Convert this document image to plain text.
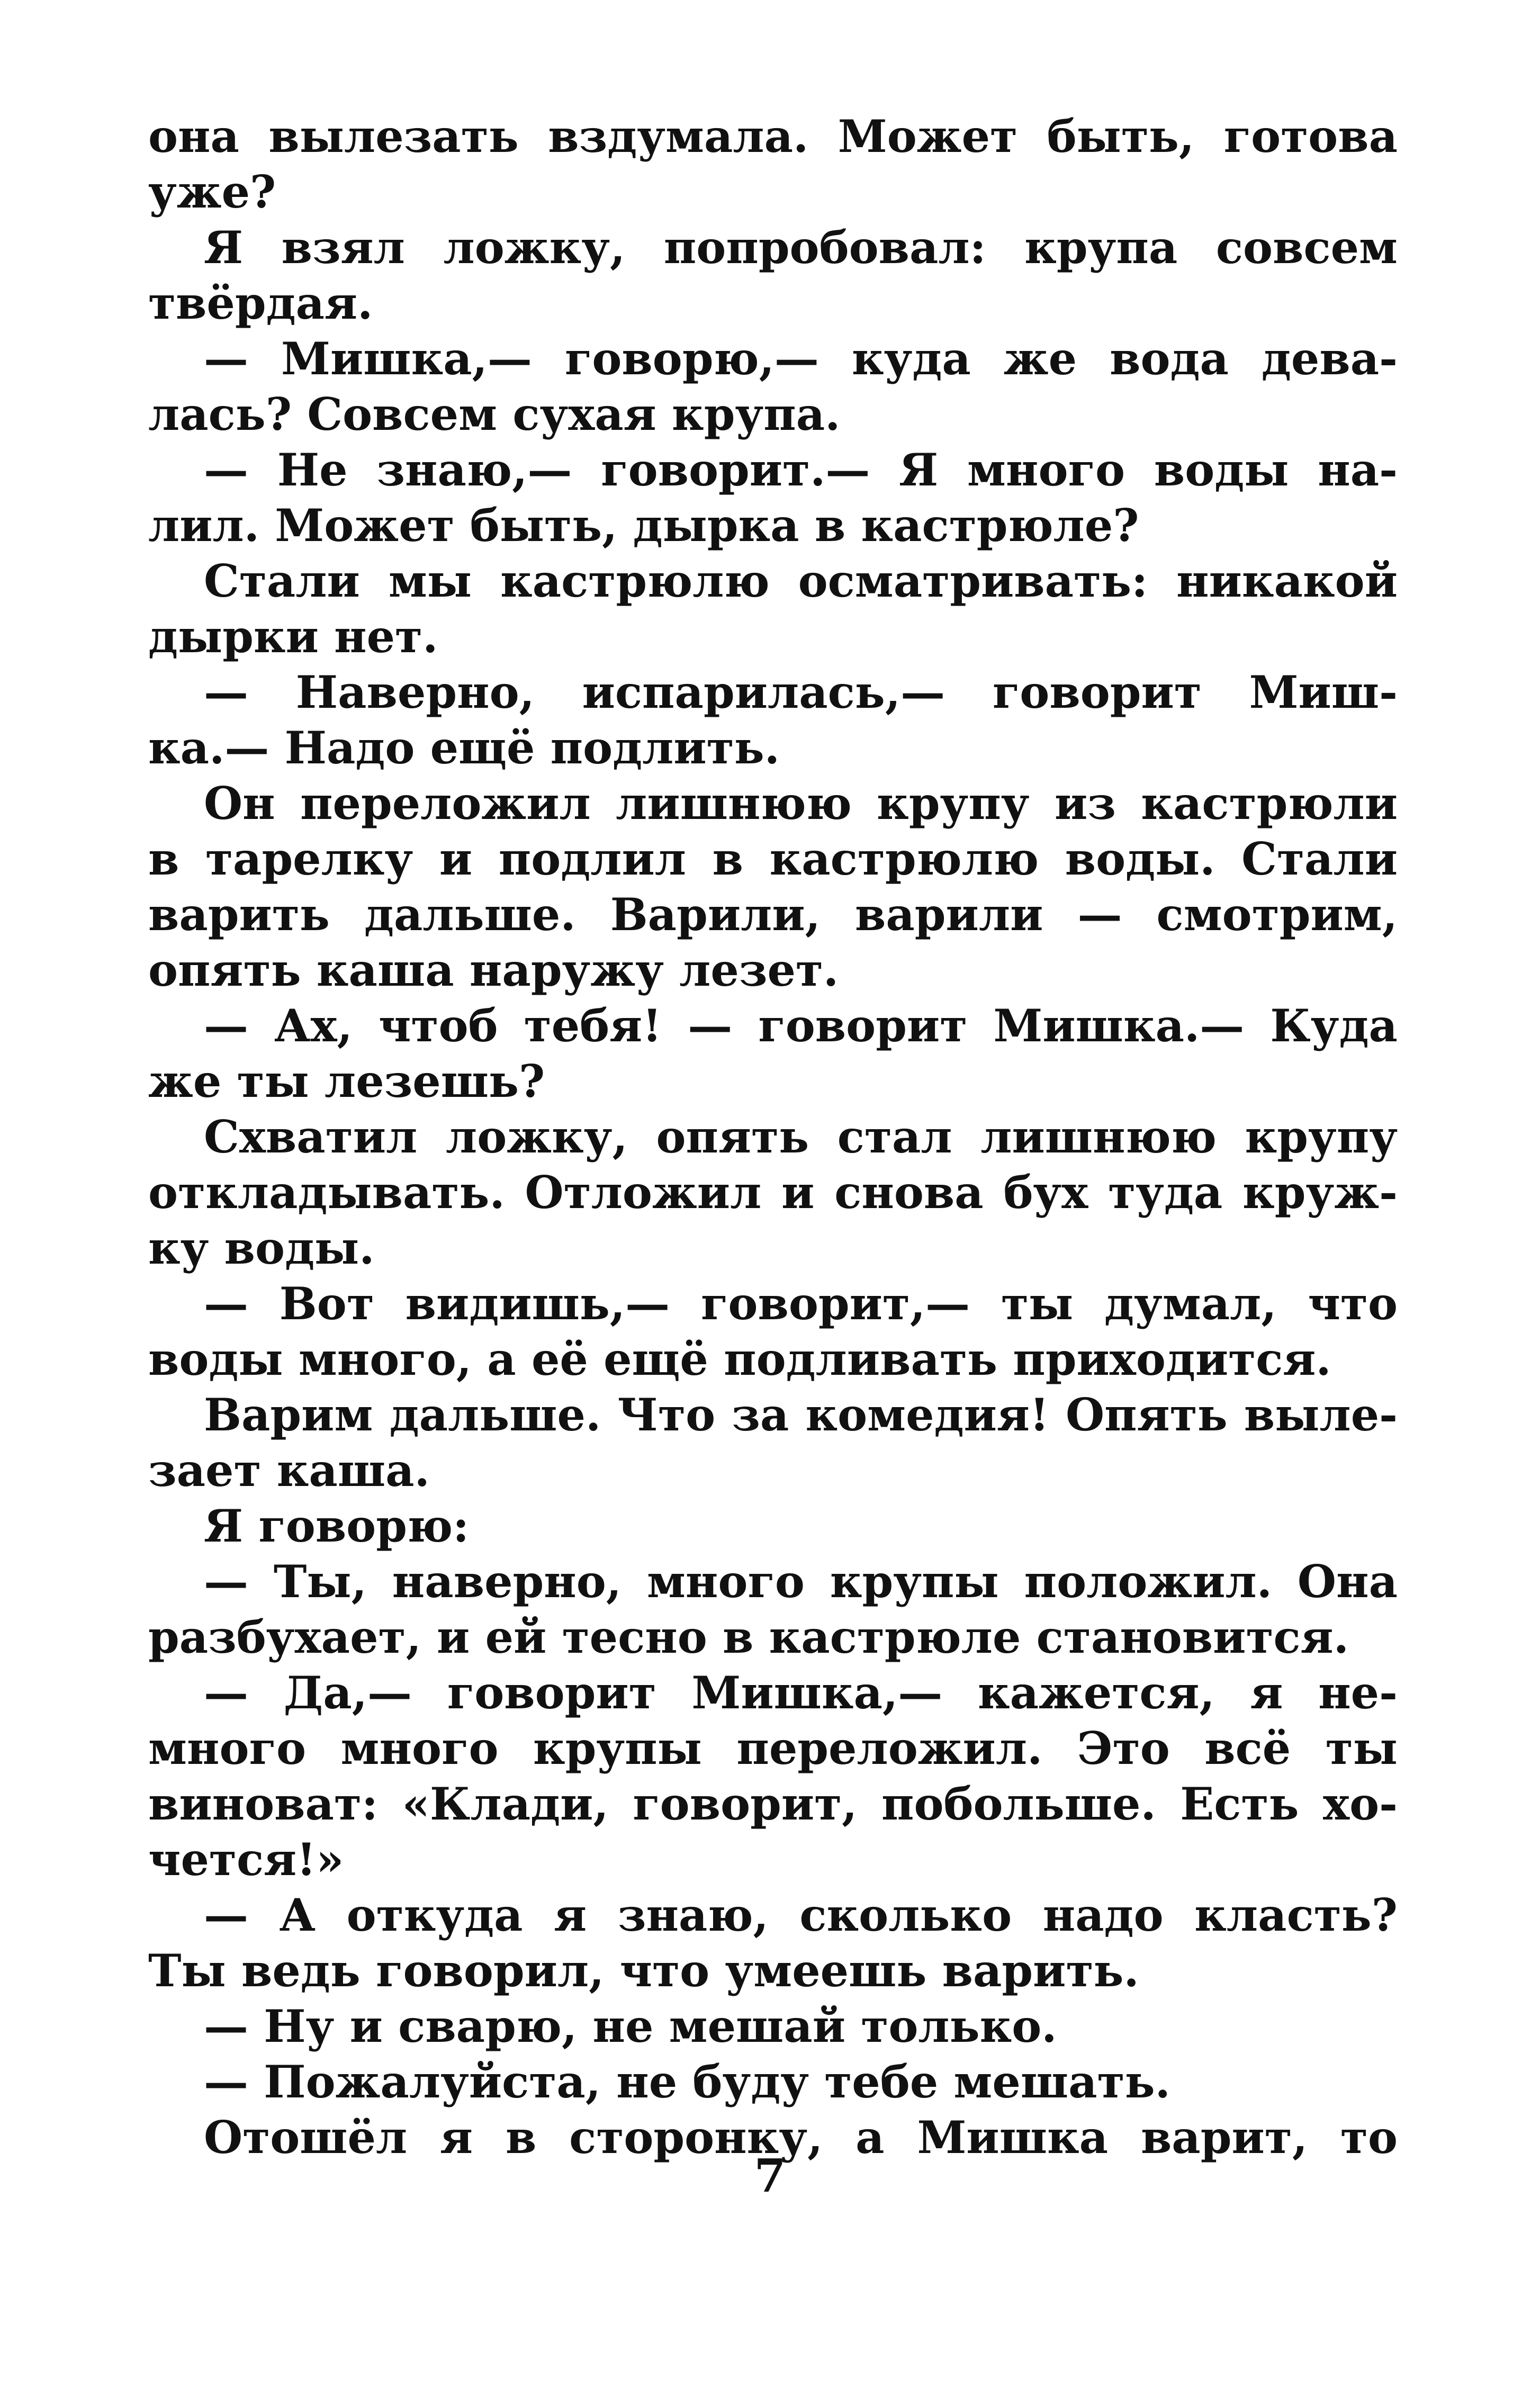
она вылезать вздумала. Может быть, готова
уже?
Я взял ложку, попробовал: крупа совсем
твёрдая.
— Мишка,— говорю,— куда же вода дева-
лась? Совсем сухая крупа.
— Не знаю,— говорит.— Я много воды на-
лил. Может быть, дырка в кастрюле?
Стали мы кастрюлю осматривать: никакой
дырки нет.
— Наверно, испарилась,— говорит Миш-
ка.— Надо ещё подлить.
Он переложил лишнюю крупу из кастрюли
в тарелку и подлил в кастрюлю воды. Стали
варить дальше. Варили, варили — смотрим,
опять каша наружу лезет.
— Ах, чтоб тебя! — говорит Мишка.— Куда
же ты лезешь?
Схватил ложку, опять стал лишнюю крупу
откладывать. Отложил и снова бух туда круж-
ку воды.
— Вот видишь,— говорит,— ты думал, что
воды много, а её ещё подливать приходится.
Варим дальше. Что за комедия! Опять выле-
зает каша.
Я говорю:
— Ты, наверно, много крупы положил. Она
разбухает, и ей тесно в кастрюле становится.
— Да,— говорит Мишка,— кажется, я не-
много много крупы переложил. Это всё ты
виноват: «Клади, говорит, побольше. Есть хо-
чется!»
— А откуда я знаю, сколько надо класть?
Ты ведь говорил, что умеешь варить.
— Ну и сварю, не мешай только.
— Пожалуйста, не буду тебе мешать.
Отошёл я в сторонку, а Мишка варит, то
7
